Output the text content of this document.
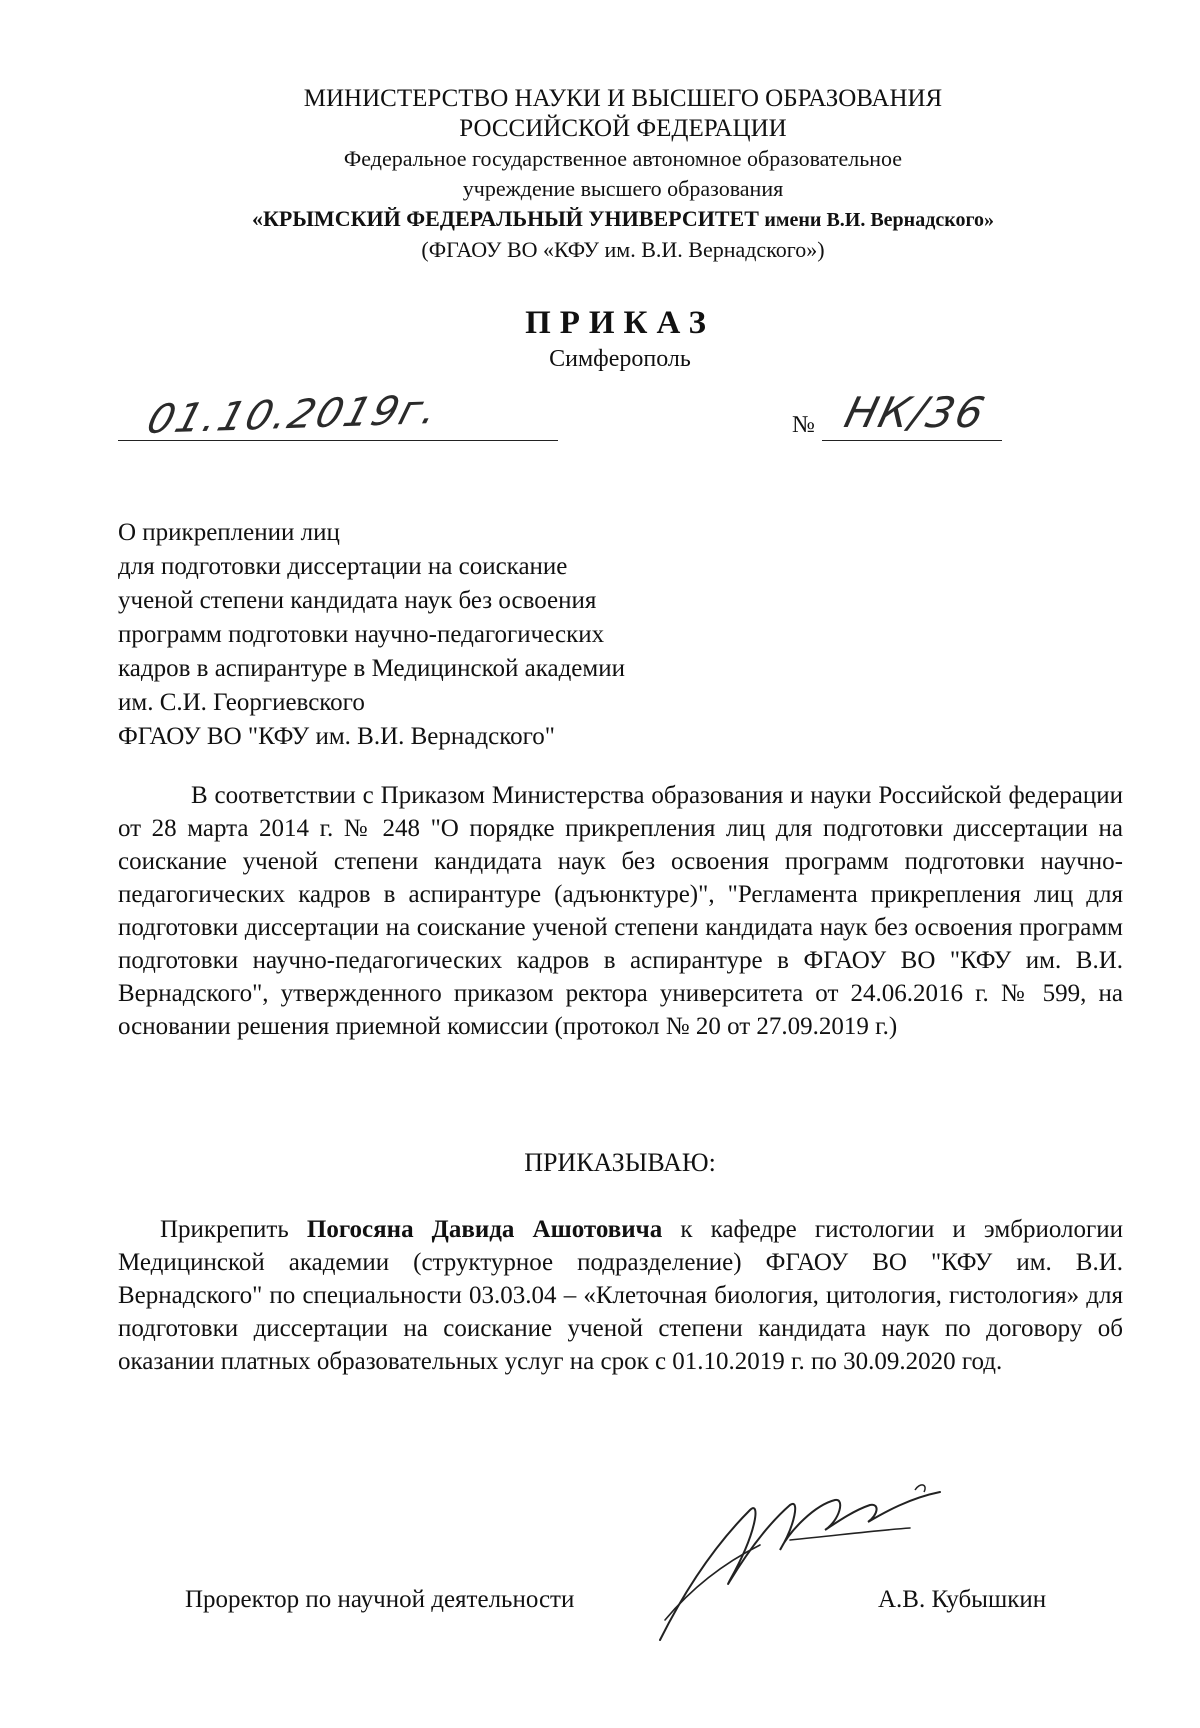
МИНИСТЕРСТВО НАУКИ И ВЫСШЕГО ОБРАЗОВАНИЯ
РОССИЙСКОЙ ФЕДЕРАЦИИ
Федеральное государственное автономное образовательное
учреждение высшего образования
«КРЫМСКИЙ ФЕДЕРАЛЬНЫЙ УНИВЕРСИТЕТ имени В.И. Вернадского»
(ФГАОУ ВО «КФУ им. В.И. Вернадского»)
ПРИКАЗ
Симферополь
01.10.2019г.	№ НК/36
О прикреплении лиц
для подготовки диссертации на соискание
ученой степени кандидата наук без освоения
программ подготовки научно-педагогических
кадров в аспирантуре в Медицинской академии
им. С.И. Георгиевского
ФГАОУ ВО "КФУ им. В.И. Вернадского"
В соответствии с Приказом Министерства образования и науки Российской федерации от 28 марта 2014 г. № 248 "О порядке прикрепления лиц для подготовки диссертации на соискание ученой степени кандидата наук без освоения программ подготовки научно-педагогических кадров в аспирантуре (адъюнктуре)", "Регламента прикрепления лиц для подготовки диссертации на соискание ученой степени кандидата наук без освоения программ подготовки научно-педагогических кадров в аспирантуре в ФГАОУ ВО "КФУ им. В.И. Вернадского", утвержденного приказом ректора университета от 24.06.2016 г. № 599, на основании решения приемной комиссии (протокол № 20 от 27.09.2019 г.)
ПРИКАЗЫВАЮ:
Прикрепить Погосяна Давида Ашотовича к кафедре гистологии и эмбриологии Медицинской академии (структурное подразделение) ФГАОУ ВО "КФУ им. В.И. Вернадского" по специальности 03.03.04 – «Клеточная биология, цитология, гистология» для подготовки диссертации на соискание ученой степени кандидата наук по договору об оказании платных образовательных услуг на срок с 01.10.2019 г. по 30.09.2020 год.
Проректор по научной деятельности	А.В. Кубышкин
